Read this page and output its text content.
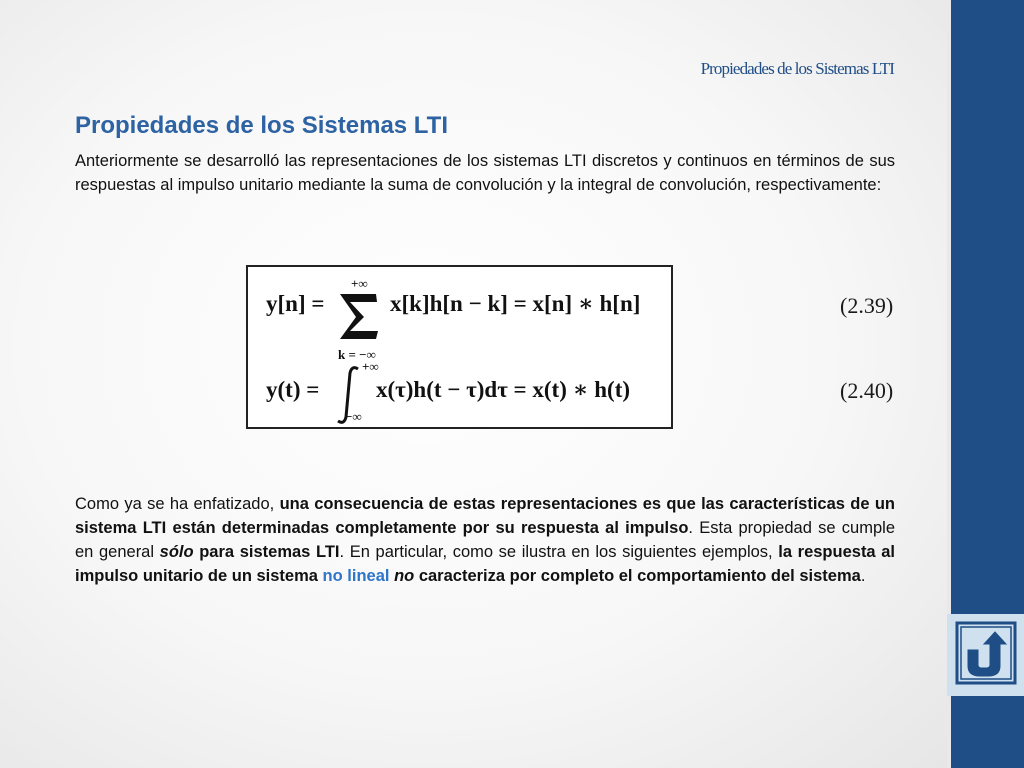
Propiedades de los Sistemas LTI
Propiedades de los Sistemas LTI

Anteriormente se desarrolló las representaciones de los sistemas LTI discretos y continuos en términos de sus respuestas al impulso unitario mediante la suma de convolución y la integral de convolución, respectivamente:

y[n] =
+∞
k = −∞
x[k]h[n − k] = x[n] ∗ h[n]
y(t) =
+∞
−∞
x(τ)h(t − τ)dτ = x(t) ∗ h(t)
(2.39)
(2.40)

Como ya se ha enfatizado, una consecuencia de estas representaciones es que las características de un sistema LTI están determinadas completamente por su respuesta al impulso. Esta propiedad se cumple en general sólo para sistemas LTI. En particular, como se ilustra en los siguientes ejemplos, la respuesta al impulso unitario de un sistema no lineal no caracteriza por completo el comportamiento del sistema.
